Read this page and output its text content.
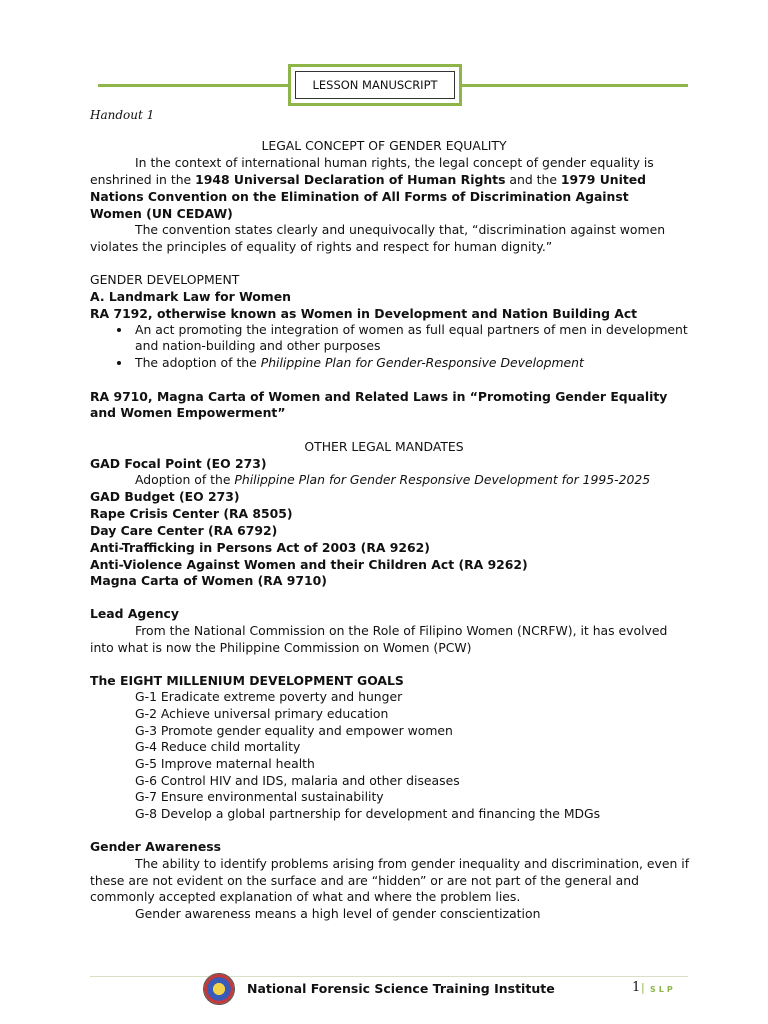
LESSON MANUSCRIPT
Handout 1
LEGAL CONCEPT OF GENDER EQUALITY
In the context of international human rights, the legal concept of gender equality is
enshrined in the 1948 Universal Declaration of Human Rights and the 1979 United
Nations Convention on the Elimination of All Forms of Discrimination Against
Women (UN CEDAW)
The convention states clearly and unequivocally that, “discrimination against women
violates the principles of equality of rights and respect for human dignity.”
GENDER DEVELOPMENT
A. Landmark Law for Women
RA 7192, otherwise known as Women in Development and Nation Building Act
An act promoting the integration of women as full equal partners of men in development
and nation-building and other purposes
The adoption of the Philippine Plan for Gender-Responsive Development
RA 9710, Magna Carta of Women and Related Laws in “Promoting Gender Equality
and Women Empowerment”
OTHER LEGAL MANDATES
GAD Focal Point (EO 273)
Adoption of the Philippine Plan for Gender Responsive Development for 1995-2025
GAD Budget (EO 273)
Rape Crisis Center (RA 8505)
Day Care Center (RA 6792)
Anti-Trafficking in Persons Act of 2003 (RA 9262)
Anti-Violence Against Women and their Children Act (RA 9262)
Magna Carta of Women (RA 9710)
Lead Agency
From the National Commission on the Role of Filipino Women (NCRFW), it has evolved
into what is now the Philippine Commission on Women (PCW)
The EIGHT MILLENIUM DEVELOPMENT GOALS
G-1 Eradicate extreme poverty and hunger
G-2 Achieve universal primary education
G-3 Promote gender equality and empower women
G-4 Reduce child mortality
G-5 Improve maternal health
G-6 Control HIV and IDS, malaria and other diseases
G-7 Ensure environmental sustainability
G-8 Develop a global partnership for development and financing the MDGs
Gender Awareness
The ability to identify problems arising from gender inequality and discrimination, even if
these are not evident on the surface and are “hidden” or are not part of the general and
commonly accepted explanation of what and where the problem lies.
Gender awareness means a high level of gender conscientization
National Forensic Science Training Institute	1 | SLP
